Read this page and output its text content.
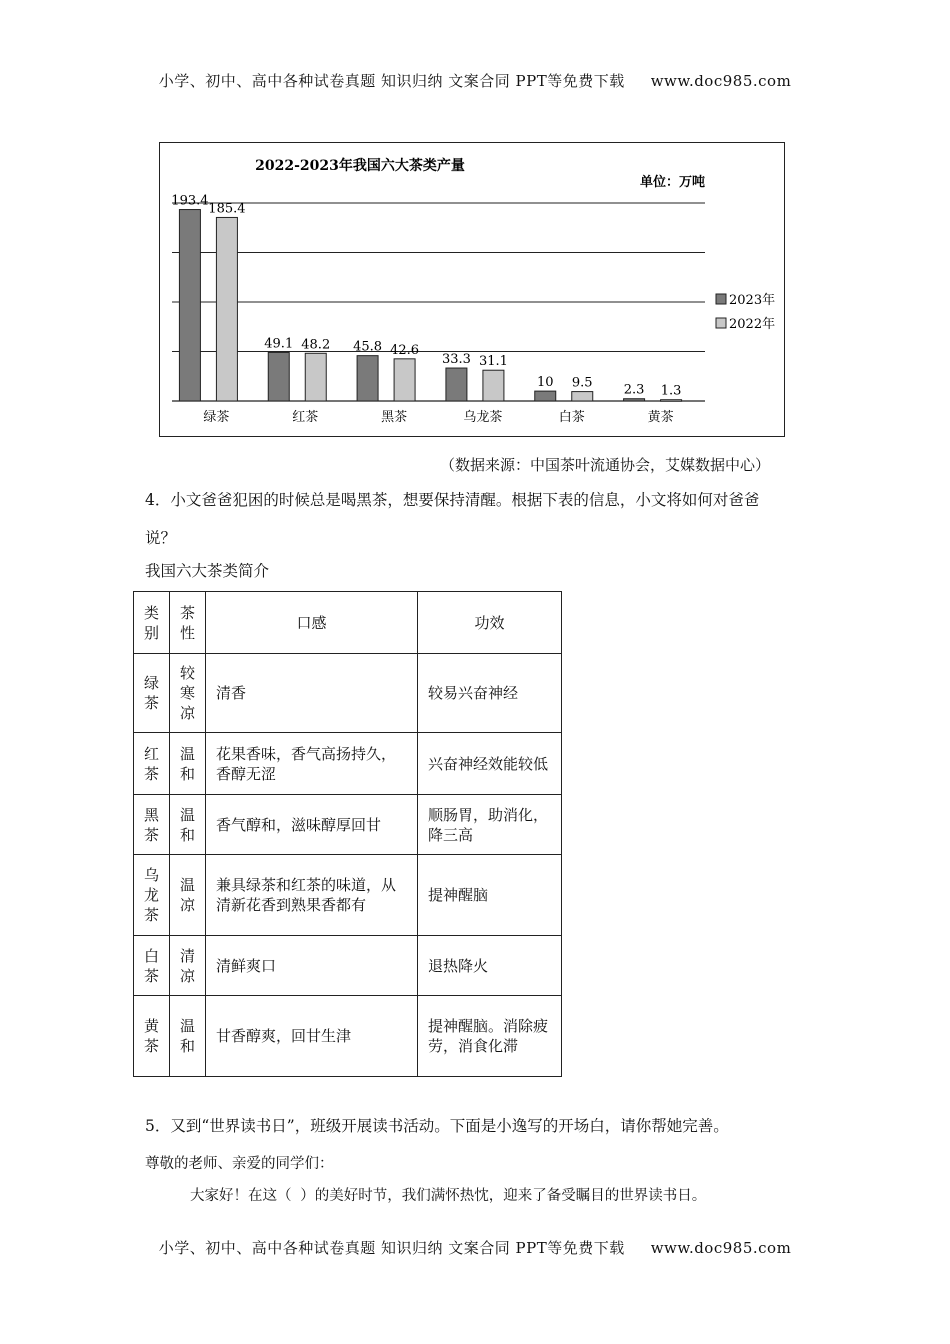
小学、初中、高中各种试卷真题 知识归纳 文案合同 PPT等免费下载 www.doc985.com
2022-2023年我国六大茶类产量
单位：万吨
193.4
185.4
绿茶
49.1 48.2
红茶
45.8 42.6
黑茶
33.3 31.1
乌龙茶
10 9.5
白茶
2.3 1.3
黄茶
2023年
2022年
（数据来源：中国茶叶流通协会，艾媒数据中心）
4．小文爸爸犯困的时候总是喝黑茶，想要保持清醒。根据下表的信息，小文将如何对爸爸
说？
我国六大茶类简介
类别	茶性	口感	功效
绿茶	较寒凉	清香	较易兴奋神经
红茶	温和	花果香味，香气高扬持久，香醇无涩	兴奋神经效能较低
黑茶	温和	香气醇和，滋味醇厚回甘	顺肠胃，助消化，降三高
乌龙茶	温凉	兼具绿茶和红茶的味道，从清新花香到熟果香都有	提神醒脑
白茶	清凉	清鲜爽口	退热降火
黄茶	温和	甘香醇爽，回甘生津	提神醒脑。消除疲劳，消食化滞
5．又到“世界读书日”，班级开展读书活动。下面是小逸写的开场白，请你帮她完善。
尊敬的老师、亲爱的同学们：
大家好！在这（ ）的美好时节，我们满怀热忱，迎来了备受瞩目的世界读书日。
小学、初中、高中各种试卷真题 知识归纳 文案合同 PPT等免费下载 www.doc985.com
